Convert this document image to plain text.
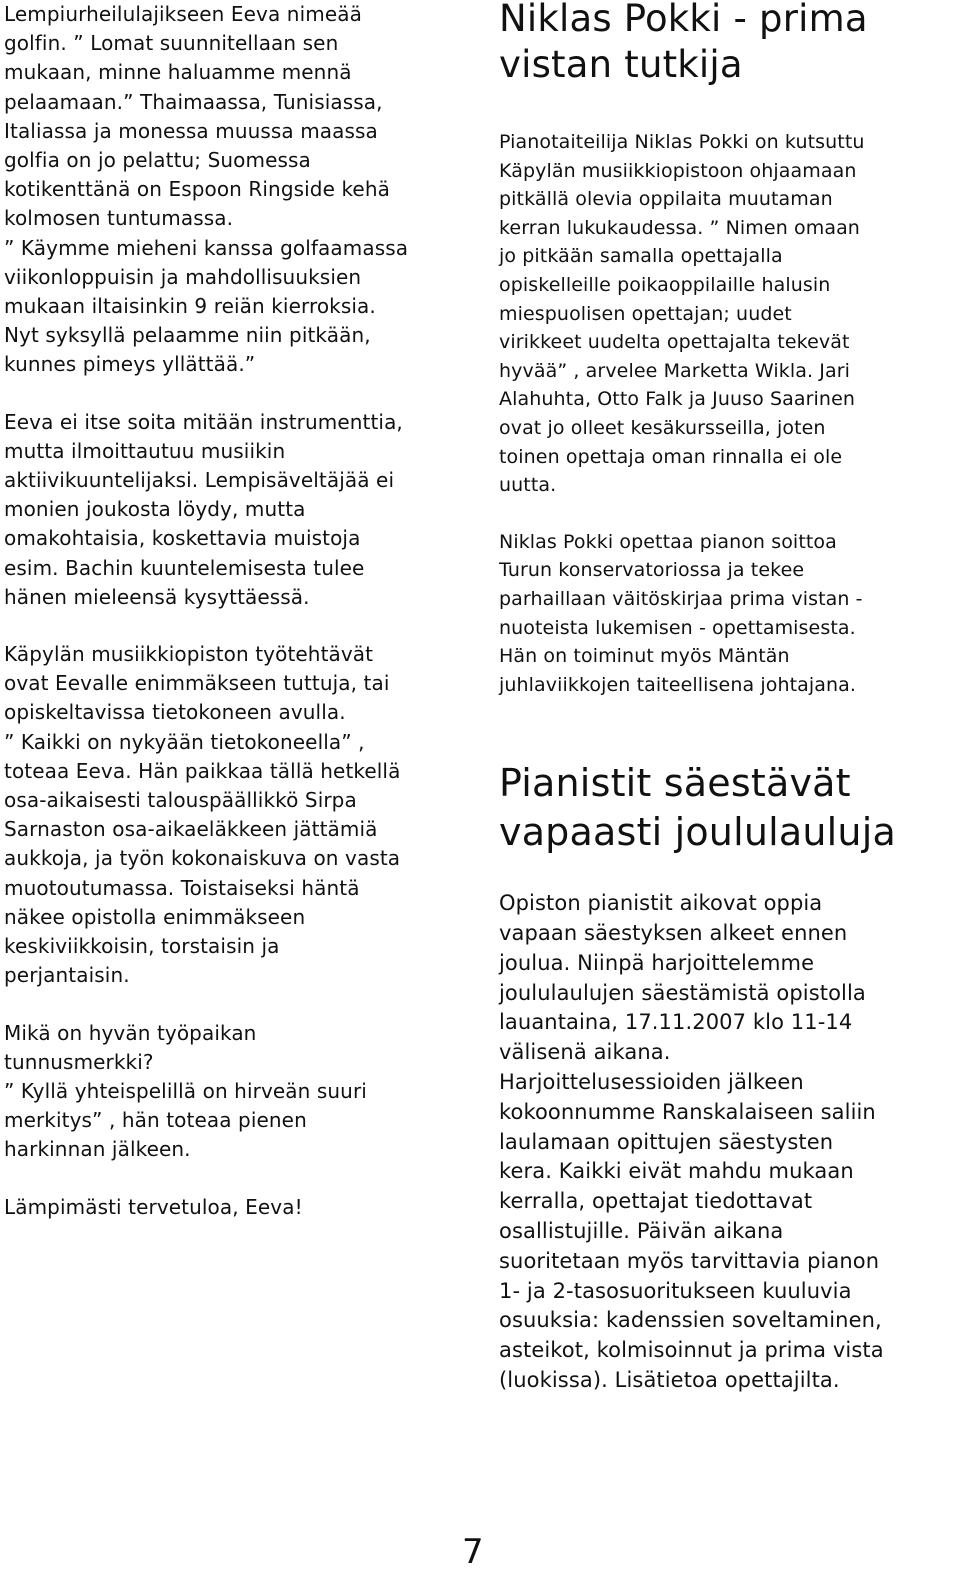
Lempiurheilulajikseen Eeva nimeää
golfin. ” Lomat suunnitellaan sen
mukaan, minne haluamme mennä
pelaamaan.” Thaimaassa, Tunisiassa,
Italiassa ja monessa muussa maassa
golfia on jo pelattu; Suomessa
kotikenttänä on Espoon Ringside kehä
kolmosen tuntumassa.
” Käymme mieheni kanssa golfaamassa
viikonloppuisin ja mahdollisuuksien
mukaan iltaisinkin 9 reiän kierroksia.
Nyt syksyllä pelaamme niin pitkään,
kunnes pimeys yllättää.”

Eeva ei itse soita mitään instrumenttia,
mutta ilmoittautuu musiikin
aktiivikuuntelijaksi. Lempisäveltäjää ei
monien joukosta löydy, mutta
omakohtaisia, koskettavia muistoja
esim. Bachin kuuntelemisesta tulee
hänen mieleensä kysyttäessä.

Käpylän musiikkiopiston työtehtävät
ovat Eevalle enimmäkseen tuttuja, tai
opiskeltavissa tietokoneen avulla.
” Kaikki on nykyään tietokoneella” ,
toteaa Eeva. Hän paikkaa tällä hetkellä
osa-aikaisesti talouspäällikkö Sirpa
Sarnaston osa-aikaeläkkeen jättämiä
aukkoja, ja työn kokonaiskuva on vasta
muotoutumassa. Toistaiseksi häntä
näkee opistolla enimmäkseen
keskiviikkoisin, torstaisin ja
perjantaisin.

Mikä on hyvän työpaikan
tunnusmerkki?
” Kyllä yhteispelillä on hirveän suuri
merkitys” , hän toteaa pienen
harkinnan jälkeen.

Lämpimästi tervetuloa, Eeva!

Niklas Pokki - prima
vistan tutkija

Pianotaiteilija Niklas Pokki on kutsuttu
Käpylän musiikkiopistoon ohjaamaan
pitkällä olevia oppilaita muutaman
kerran lukukaudessa. ” Nimen omaan
jo pitkään samalla opettajalla
opiskelleille poikaoppilaille halusin
miespuolisen opettajan; uudet
virikkeet uudelta opettajalta tekevät
hyvää” , arvelee Marketta Wikla. Jari
Alahuhta, Otto Falk ja Juuso Saarinen
ovat jo olleet kesäkursseilla, joten
toinen opettaja oman rinnalla ei ole
uutta.

Niklas Pokki opettaa pianon soittoa
Turun konservatoriossa ja tekee
parhaillaan väitöskirjaa prima vistan -
nuoteista lukemisen - opettamisesta.
Hän on toiminut myös Mäntän
juhlaviikkojen taiteellisena johtajana.

Pianistit säestävät
vapaasti joululauluja

Opiston pianistit aikovat oppia
vapaan säestyksen alkeet ennen
joulua. Niinpä harjoittelemme
joululaulujen säestämistä opistolla
lauantaina, 17.11.2007 klo 11-14
välisenä aikana.
Harjoittelusessioiden jälkeen
kokoonnumme Ranskalaiseen saliin
laulamaan opittujen säestysten
kera. Kaikki eivät mahdu mukaan
kerralla, opettajat tiedottavat
osallistujille. Päivän aikana
suoritetaan myös tarvittavia pianon
1- ja 2-tasosuoritukseen kuuluvia
osuuksia: kadenssien soveltaminen,
asteikot, kolmisoinnut ja prima vista
(luokissa). Lisätietoa opettajilta.

7
